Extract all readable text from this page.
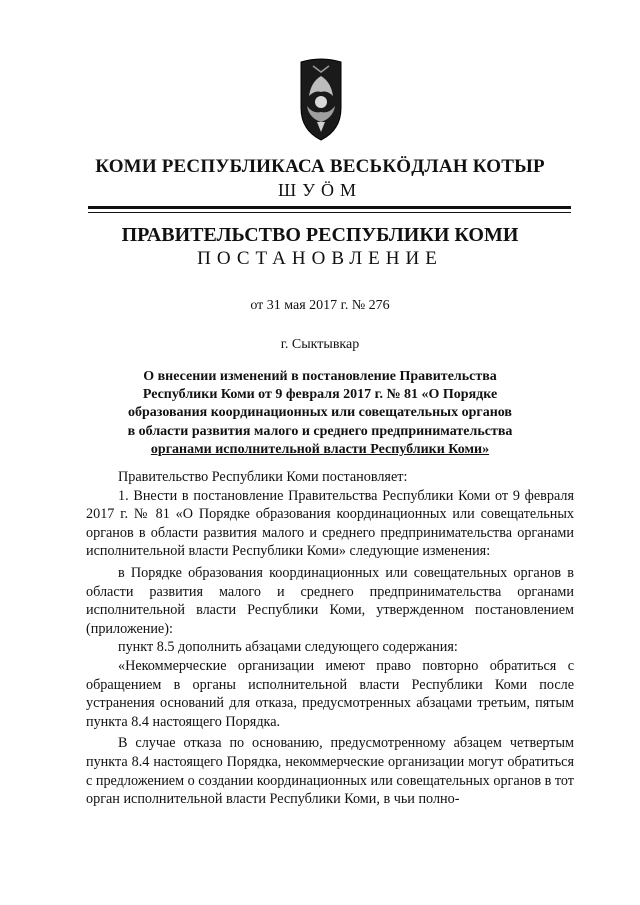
КОМИ РЕСПУБЛИКАСА ВЕСЬКӦДЛАН КОТЫР
ШУӦМ
ПРАВИТЕЛЬСТВО РЕСПУБЛИКИ КОМИ
ПОСТАНОВЛЕНИЕ
от 31 мая 2017 г. № 276
г. Сыктывкар
О внесении изменений в постановление Правительства
Республики Коми от 9 февраля 2017 г. № 81 «О Порядке
образования координационных или совещательных органов
в области развития малого и среднего предпринимательства
органами исполнительной власти Республики Коми»

Правительство Республики Коми постановляет:

1. Внести в постановление Правительства Республики Коми от 9 февраля 2017 г. № 81 «О Порядке образования координационных или совещательных органов в области развития малого и среднего предпринимательства органами исполнительной власти Республики Коми» следующие изменения:

в Порядке образования координационных или совещательных органов в области развития малого и среднего предпринимательства органами исполнительной власти Республики Коми, утвержденном постановлением (приложение):

пункт 8.5 дополнить абзацами следующего содержания:

«Некоммерческие организации имеют право повторно обратиться с обращением в органы исполнительной власти Республики Коми после устранения оснований для отказа, предусмотренных абзацами третьим, пятым пункта 8.4 настоящего Порядка.

В случае отказа по основанию, предусмотренному абзацем четвертым пункта 8.4 настоящего Порядка, некоммерческие организации могут обратиться с предложением о создании координационных или совещательных органов в тот орган исполнительной власти Республики Коми, в чьи полно-
